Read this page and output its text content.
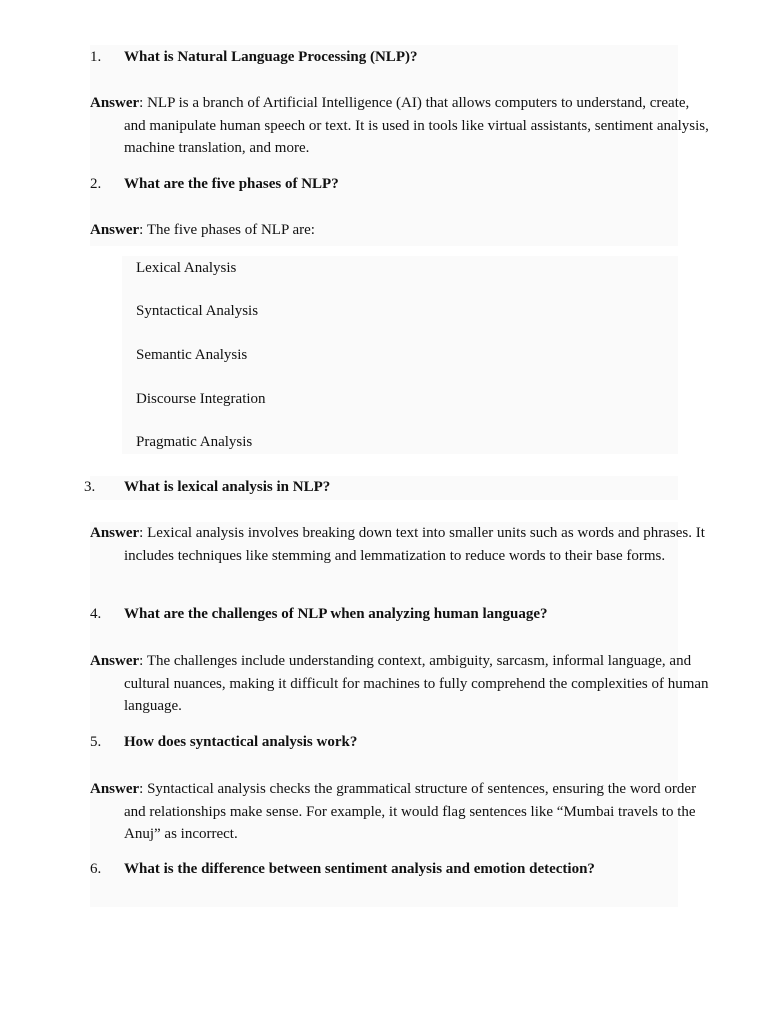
1.	What is Natural Language Processing (NLP)?
Answer: NLP is a branch of Artificial Intelligence (AI) that allows computers to understand, create, and manipulate human speech or text. It is used in tools like virtual assistants, sentiment analysis, machine translation, and more.
2.	What are the five phases of NLP?
Answer: The five phases of NLP are:
Lexical Analysis
Syntactical Analysis
Semantic Analysis
Discourse Integration
Pragmatic Analysis
3.	What is lexical analysis in NLP?
Answer: Lexical analysis involves breaking down text into smaller units such as words and phrases. It includes techniques like stemming and lemmatization to reduce words to their base forms.
4.	What are the challenges of NLP when analyzing human language?
Answer: The challenges include understanding context, ambiguity, sarcasm, informal language, and cultural nuances, making it difficult for machines to fully comprehend the complexities of human language.
5.	How does syntactical analysis work?
Answer: Syntactical analysis checks the grammatical structure of sentences, ensuring the word order and relationships make sense. For example, it would flag sentences like “Mumbai travels to the Anuj” as incorrect.
6.	What is the difference between sentiment analysis and emotion detection?
